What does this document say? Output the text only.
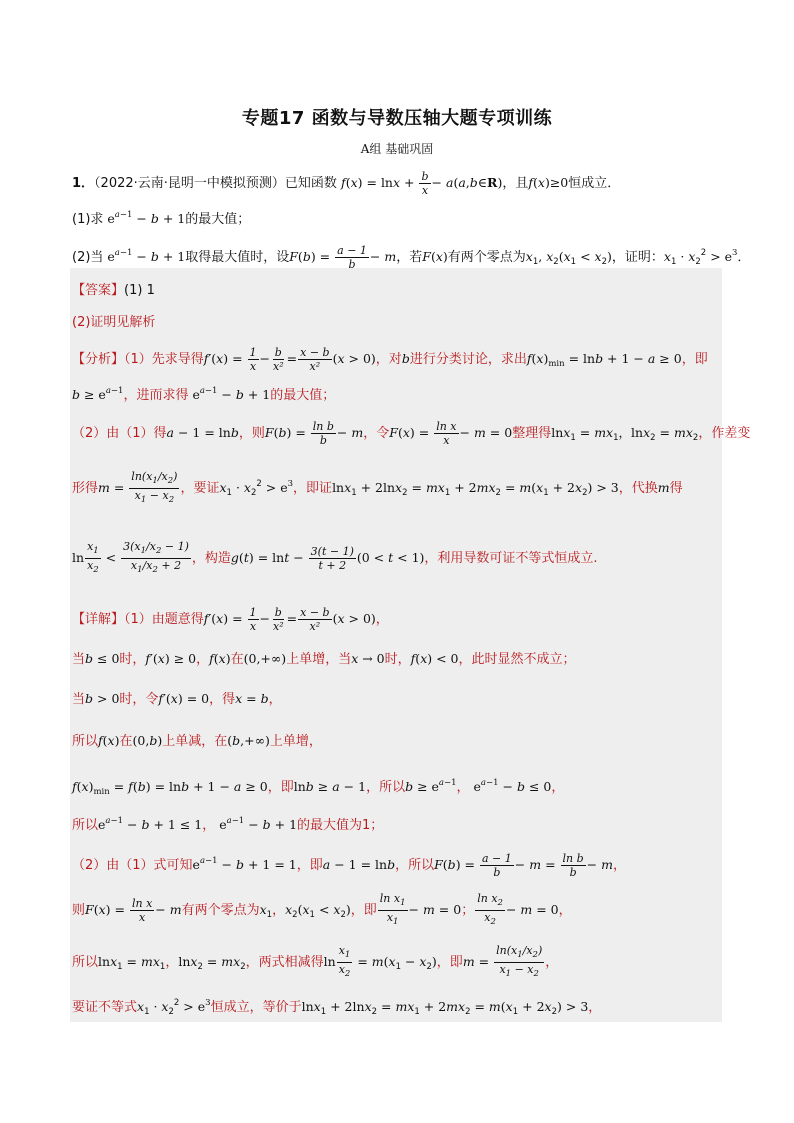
专题17 函数与导数压轴大题专项训练
A组 基础巩固
1．（2022·云南·昆明一中模拟预测）已知函数 $f(x) = \ln x + \frac{b}{x}$ − a(a,b∈R)，且f(x)≥0恒成立．
(1)求 $e^{a-1} - b + 1$的最大值；
(2)当 $e^{a-1} - b + 1$取得最大值时，设$F(b) = \frac{a - 1}{b} - m$，若F(x)有两个零点为$x_1$, $x_2(x_1 < x_2)$，证明：$x_1 \cdot x_2^2 > e^3$．
【答案】(1) 1
(2)证明见解析
【分析】（1）先求导得$f'(x) = \frac{1}{x} - \frac{b}{\text{x²}} = \frac{x - b}{\text{x²}} (x > 0)$，对b进行分类讨论，求出$f(x)_{min} = \ln b + 1 - a \ge 0$，即
$b \ge e^{a-1}$，进而求得 $e^{a-1} - b + 1$的最大值；
（2）由（1）得a − 1 = lnb，则$F(b) = \frac{\text{ln b}}{b} - m$，令$F(x) = \frac{\text{ln x}}{x} - m = 0$整理得$\ln x_1 = mx_1$，$\ln x_2 = mx_2$，作差变
形得$m = \frac{\ln(x_1/x_2)}{x_1 - x_2}$ ，要证$x_1 \cdot x_2^2 > e^3$，即证$\ln x_1 + 2\ln x_2 = mx_1 + 2mx_2 = m(x_1 + 2x_2) > 3$，代换m得
$\ln \frac{x_1}{x_2} < \frac{3(x_1/x_2 - 1)}{x_1/x_2 + 2}$ ，构造$g(t) = \ln t - \frac{3(t - 1)}{t + 2} (0 < t < 1)$，利用导数可证不等式恒成立.
【详解】（1）由题意得$f'(x) = \frac{1}{x} - \frac{b}{\text{x²}} = \frac{x - b}{\text{x²}} (x > 0)$，
当b ≤ 0时，f′(x) ≥ 0，f(x)在(0,+∞)上单增，当x → 0时，f(x) < 0，此时显然不成立；
当b > 0时，令f′(x) = 0，得x = b，
所以f(x)在(0,b)上单减，在(b,+∞)上单增，
$f(x)_{min} = f(b) = \ln b + 1 - a \ge 0$，即lnb ≥ a − 1，所以$b \ge e^{a-1}$， $e^{a-1} - b \le 0$，
所以$e^{a-1} - b + 1 \le 1$， $e^{a-1} - b + 1$的最大值为1；
（2）由（1）式可知$e^{a-1} - b + 1 = 1$，即a − 1 = lnb，所以$F(b) = \frac{a - 1}{b} - m = \frac{\text{ln b}}{b} - m$，
则$F(x) = \frac{\text{ln x}}{x} - m$有两个零点为$x_1$，$x_2(x_1 < x_2)$，即 $\frac{\ln x_1}{x_1} - m = 0$； $\frac{\ln x_2}{x_2} - m = 0$，
所以$\ln x_1 = mx_1$，$\ln x_2 = mx_2$，两式相减得$\ln \frac{x_1}{x_2} = m(x_1 - x_2)$，即$m = \frac{\ln(x_1/x_2)}{x_1 - x_2}$ ，
要证不等式$x_1 \cdot x_2^2 > e^3$恒成立，等价于$\ln x_1 + 2\ln x_2 = mx_1 + 2mx_2 = m(x_1 + 2x_2) > 3$，
